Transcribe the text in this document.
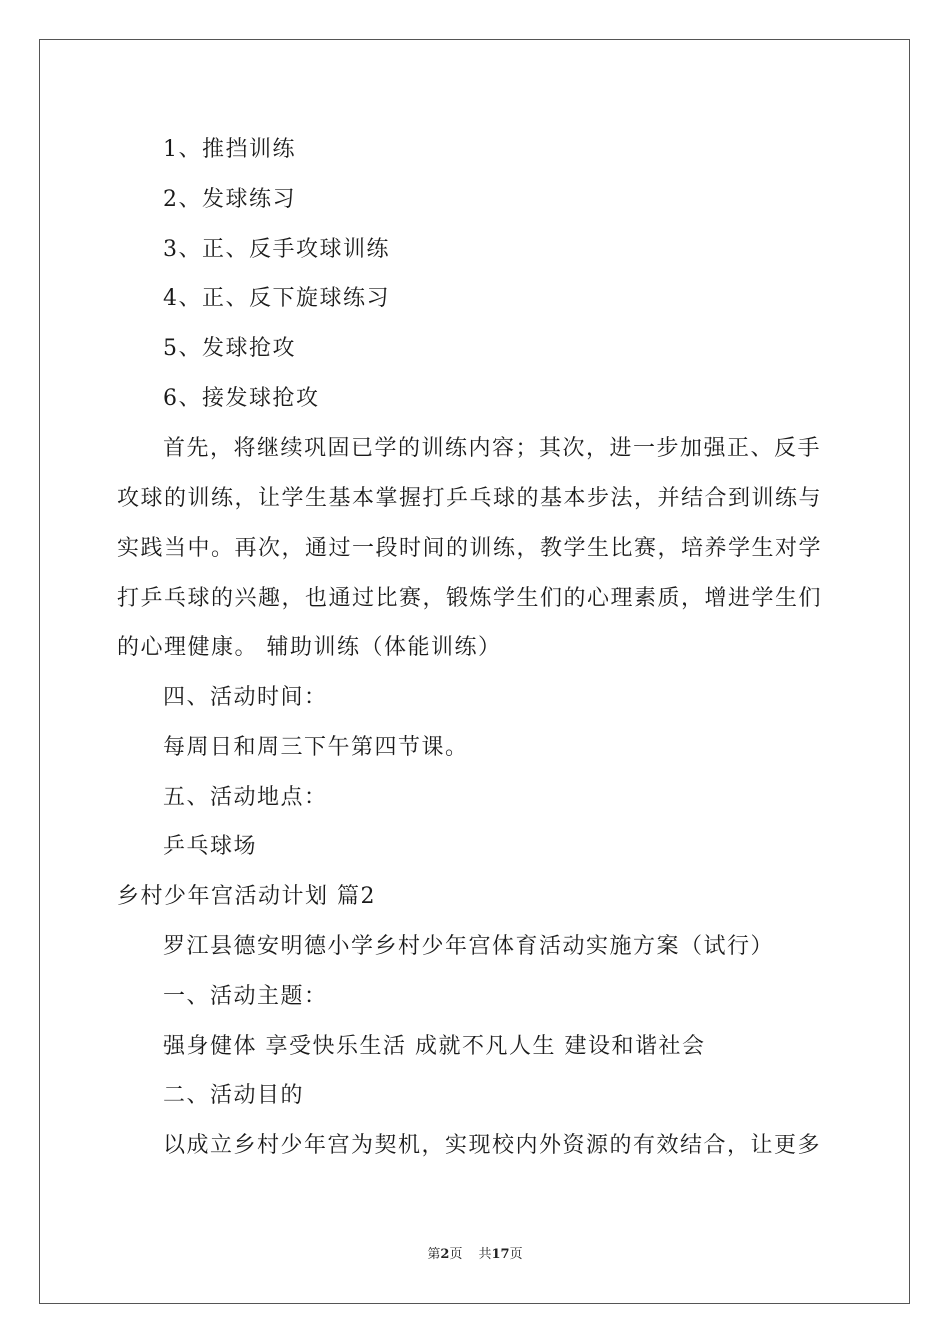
1、推挡训练
2、发球练习
3、正、反手攻球训练
4、正、反下旋球练习
5、发球抢攻
6、接发球抢攻
首先，将继续巩固已学的训练内容；其次，进一步加强正、反手
攻球的训练，让学生基本掌握打乒乓球的基本步法，并结合到训练与
实践当中。再次，通过一段时间的训练，教学生比赛，培养学生对学
打乒乓球的兴趣，也通过比赛，锻炼学生们的心理素质，增进学生们
的心理健康。 辅助训练（体能训练）
四、活动时间：
每周日和周三下午第四节课。
五、活动地点：
乒乓球场
乡村少年宫活动计划 篇2
罗江县德安明德小学乡村少年宫体育活动实施方案（试行）
一、活动主题：
强身健体 享受快乐生活 成就不凡人生 建设和谐社会
二、活动目的
以成立乡村少年宫为契机，实现校内外资源的有效结合，让更多
第2页 共17页
